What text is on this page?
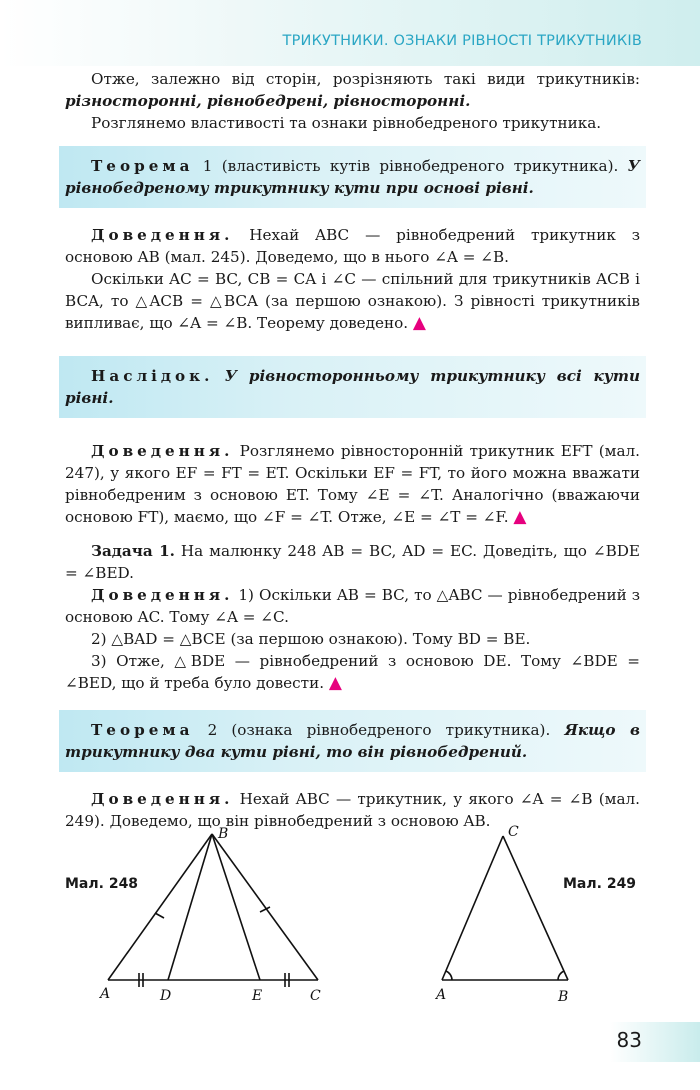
ТРИКУТНИКИ. ОЗНАКИ РІВНОСТІ ТРИКУТНИКІВ

Отже, залежно від сторін, розрізняють такі види трикутників: різносторонні, рівнобедрені, рівносторонні.

Розглянемо властивості та ознаки рівнобедреного трикутника.

Теорема 1 (властивість кутів рівнобедреного трикутника). У рівнобедреному трикутнику кути при основі рівні.

Доведення. Нехай ABC — рівнобедрений трикутник з основою AB (мал. 245). Доведемо, що в нього ∠A = ∠B.

Оскільки AC = BC, CB = CA і ∠C — спільний для трикутників ACB і BCA, то △ACB = △BCA (за першою ознакою). З рівності трикутників випливає, що ∠A = ∠B. Теорему доведено. ▲

Наслідок. У рівносторонньому трикутнику всі кути рівні.

Доведення. Розглянемо рівносторонній трикутник EFT (мал. 247), у якого EF = FT = ET. Оскільки EF = FT, то його можна вважати рівнобедреним з основою ET. Тому ∠E = ∠T. Аналогічно (вважаючи основою FT), маємо, що ∠F = ∠T. Отже, ∠E = ∠T = ∠F. ▲

Задача 1. На малюнку 248 AB = BC, AD = EC. Доведіть, що ∠BDE = ∠BED.

Доведення. 1) Оскільки AB = BC, то △ABC — рівнобедрений з основою AC. Тому ∠A = ∠C.

2) △BAD = △BCE (за першою ознакою). Тому BD = BE.

3) Отже, △BDE — рівнобедрений з основою DE. Тому ∠BDE = ∠BED, що й треба було довести. ▲

Теорема 2 (ознака рівнобедреного трикутника). Якщо в трикутнику два кути рівні, то він рівнобедрений.

Доведення. Нехай ABC — трикутник, у якого ∠A = ∠B (мал. 249). Доведемо, що він рівнобедрений з основою AB.

Мал. 248	Мал. 249
B
A	D	E	C
C
A	B
83
